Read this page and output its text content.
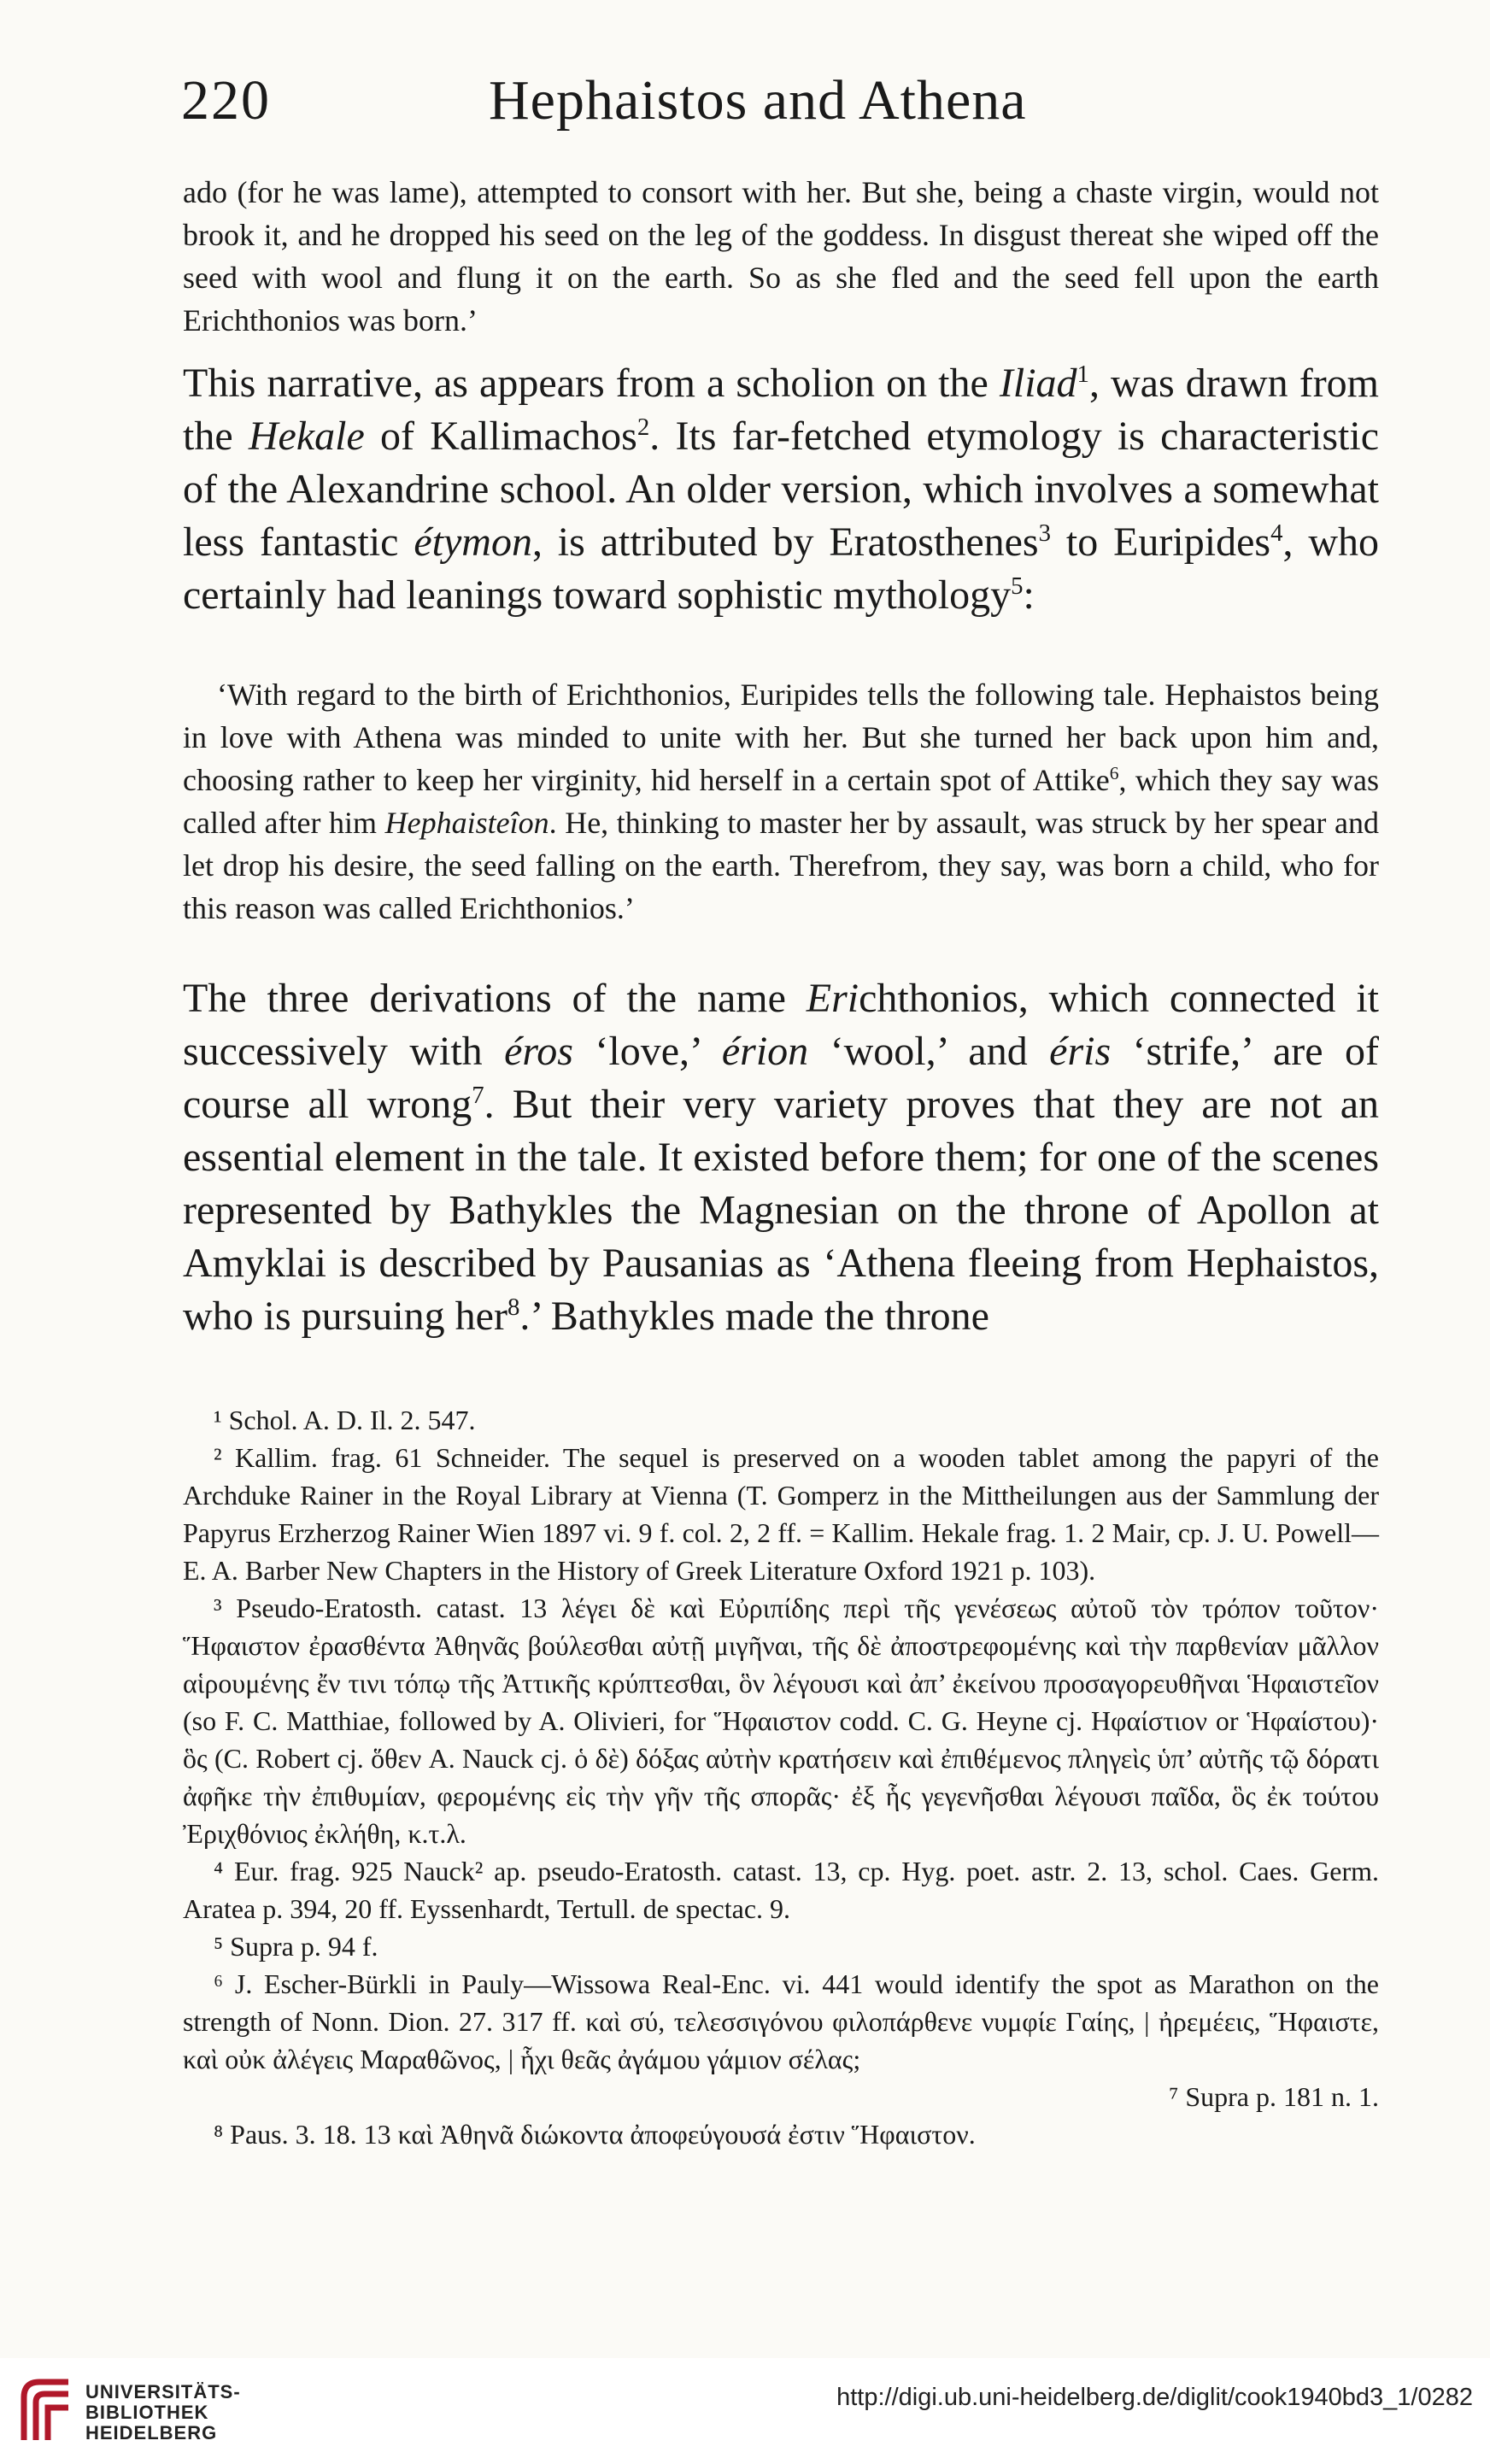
220	Hephaistos and Athena

ado (for he was lame), attempted to consort with her. But she, being a chaste virgin, would not brook it, and he dropped his seed on the leg of the goddess. In disgust thereat she wiped off the seed with wool and flung it on the earth. So as she fled and the seed fell upon the earth Erichthonios was born.’

This narrative, as appears from a scholion on the Iliad$^1$, was drawn from the Hekale of Kallimachos$^2$. Its far-fetched etymology is characteristic of the Alexandrine school. An older version, which involves a somewhat less fantastic étymon, is attributed by Eratosthenes$^3$ to Euripides$^4$, who certainly had leanings toward sophistic mythology$^5$:

‘With regard to the birth of Erichthonios, Euripides tells the following tale. Hephaistos being in love with Athena was minded to unite with her. But she turned her back upon him and, choosing rather to keep her virginity, hid herself in a certain spot of Attike$^6$, which they say was called after him Hephaisteîon. He, thinking to master her by assault, was struck by her spear and let drop his desire, the seed falling on the earth. Therefrom, they say, was born a child, who for this reason was called Erichthonios.’

The three derivations of the name Erichthonios, which connected it successively with éros ‘love,’ érion ‘wool,’ and éris ‘strife,’ are of course all wrong$^7$. But their very variety proves that they are not an essential element in the tale. It existed before them; for one of the scenes represented by Bathykles the Magnesian on the throne of Apollon at Amyklai is described by Pausanias as ‘Athena fleeing from Hephaistos, who is pursuing her$^8$.’ Bathykles made the throne

¹ Schol. A. D. Il. 2. 547.

² Kallim. frag. 61 Schneider. The sequel is preserved on a wooden tablet among the papyri of the Archduke Rainer in the Royal Library at Vienna (T. Gomperz in the Mittheilungen aus der Sammlung der Papyrus Erzherzog Rainer Wien 1897 vi. 9 f. col. 2, 2 ff. = Kallim. Hekale frag. 1. 2 Mair, cp. J. U. Powell—E. A. Barber New Chapters in the History of Greek Literature Oxford 1921 p. 103).

³ Pseudo-Eratosth. catast. 13 λέγει δὲ καὶ Εὐριπίδης περὶ τῆς γενέσεως αὐτοῦ τὸν τρόπον τοῦτον· Ἥφαιστον ἐρασθέντα Ἀθηνᾶς βούλεσθαι αὐτῇ μιγῆναι, τῆς δὲ ἀποστρεφομένης καὶ τὴν παρθενίαν μᾶλλον αἱρουμένης ἔν τινι τόπῳ τῆς Ἀττικῆς κρύπτεσθαι, ὃν λέγουσι καὶ ἀπ’ ἐκείνου προσαγορευθῆναι Ἡφαιστεῖον (so F. C. Matthiae, followed by A. Olivieri, for Ἥφαιστον codd. C. G. Heyne cj. Ηφαίστιον or Ἡφαίστου)· ὃς (C. Robert cj. ὅθεν A. Nauck cj. ὁ δὲ) δόξας αὐτὴν κρατήσειν καὶ ἐπιθέμενος πληγεὶς ὑπ’ αὐτῆς τῷ δόρατι ἀφῆκε τὴν ἐπιθυμίαν, φερομένης εἰς τὴν γῆν τῆς σπορᾶς· ἐξ ἧς γεγενῆσθαι λέγουσι παῖδα, ὃς ἐκ τούτου Ἐριχθόνιος ἐκλήθη, κ.τ.λ.

⁴ Eur. frag. 925 Nauck² ap. pseudo-Eratosth. catast. 13, cp. Hyg. poet. astr. 2. 13, schol. Caes. Germ. Aratea p. 394, 20 ff. Eyssenhardt, Tertull. de spectac. 9.

⁵ Supra p. 94 f.

⁶ J. Escher-Bürkli in Pauly—Wissowa Real-Enc. vi. 441 would identify the spot as Marathon on the strength of Nonn. Dion. 27. 317 ff. καὶ σύ, τελεσσιγόνου φιλοπάρθενε νυμφίε Γαίης, | ἠρεμέεις, Ἥφαιστε, καὶ οὐκ ἀλέγεις Μαραθῶνος, | ἧχι θεᾶς ἀγάμου γάμιον σέλας;

⁷ Supra p. 181 n. 1.

⁸ Paus. 3. 18. 13 καὶ Ἀθηνᾶ διώκοντα ἀποφεύγουσά ἐστιν Ἥφαιστον.

UNIVERSITÄTS-
BIBLIOTHEK
HEIDELBERG
http://digi.ub.uni-heidelberg.de/diglit/cook1940bd3_1/0282
